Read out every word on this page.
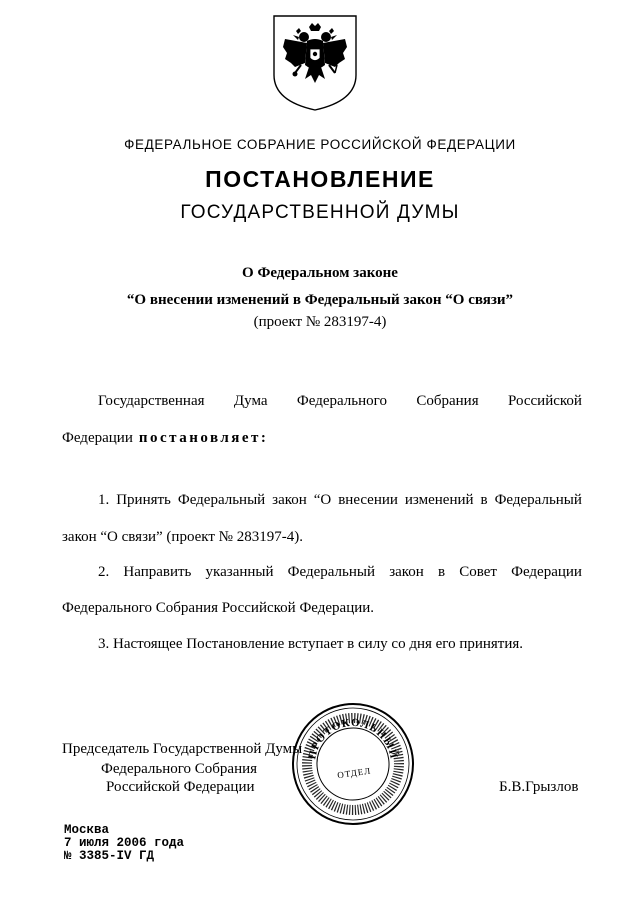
ФЕДЕРАЛЬНОЕ СОБРАНИЕ РОССИЙСКОЙ ФЕДЕРАЦИИ
ПОСТАНОВЛЕНИЕ
ГОСУДАРСТВЕННОЙ ДУМЫ
О Федеральном законе
“О внесении изменений в Федеральный закон “О связи”
(проект № 283197-4)
Государственная Дума Федерального Собрания Российской
Федерации постановляет:
1. Принять Федеральный закон “О внесении изменений в Федеральный
закон “О связи” (проект № 283197-4).
2. Направить указанный Федеральный закон в Совет Федерации
Федерального Собрания Российской Федерации.
3. Настоящее Постановление вступает в силу со дня его принятия.
Председатель Государственной Думы
Федерального Собрания
Российской Федерации	Б.В.Грызлов
ПРОТОКОЛЬНЫЙ
ОТДЕЛ
Москва
7 июля 2006 года
№ 3385-IV ГД
